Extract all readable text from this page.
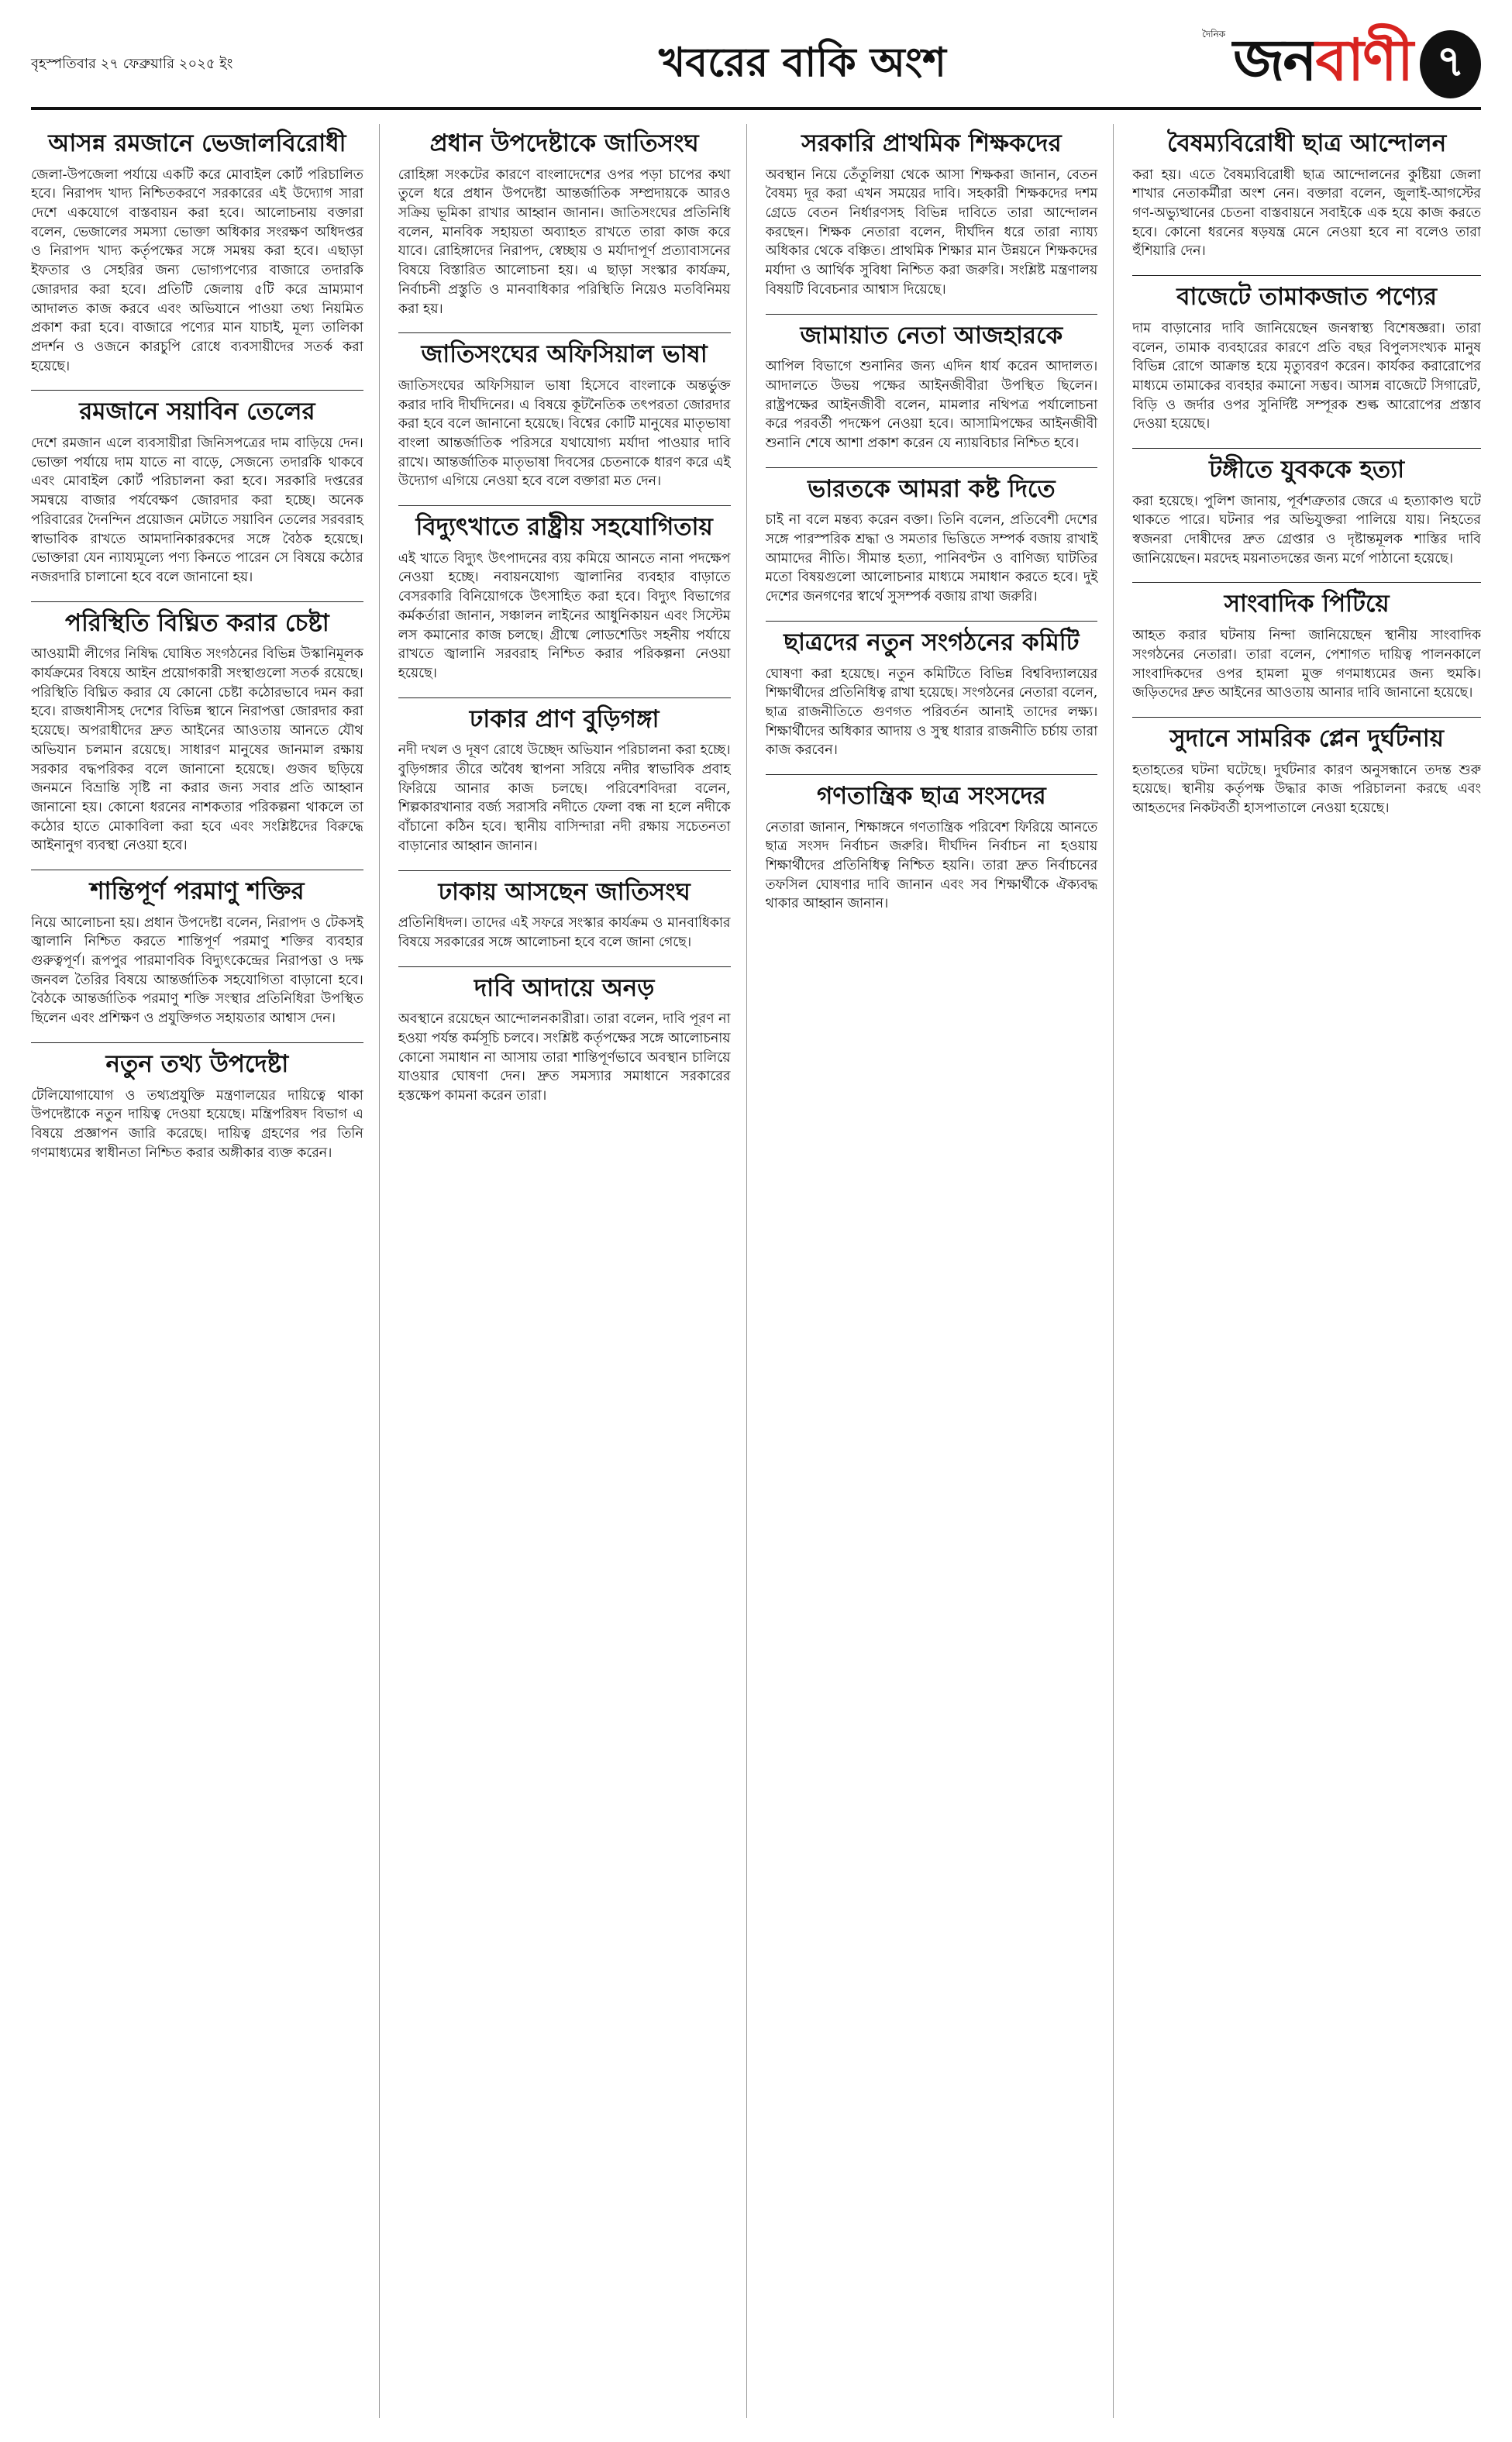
বৃহস্পতিবার ২৭ ফেব্রুয়ারি ২০২৫ ইং	খবরের বাকি অংশ
দৈনিক জনবাণী ৭
আসন্ন রমজানে ভেজালবিরোধী

জেলা-উপজেলা পর্যায়ে একটি করে মোবাইল কোর্ট পরিচালিত হবে। নিরাপদ খাদ্য নিশ্চিতকরণে সরকারের এই উদ্যোগ সারা দেশে একযোগে বাস্তবায়ন করা হবে। আলোচনায় বক্তারা বলেন, ভেজালের সমস্যা ভোক্তা অধিকার সংরক্ষণ অধিদপ্তর ও নিরাপদ খাদ্য কর্তৃপক্ষের সঙ্গে সমন্বয় করা হবে। এছাড়া ইফতার ও সেহরির জন্য ভোগ্যপণ্যের বাজারে তদারকি জোরদার করা হবে। প্রতিটি জেলায় ৫টি করে ভ্রাম্যমাণ আদালত কাজ করবে এবং অভিযানে পাওয়া তথ্য নিয়মিত প্রকাশ করা হবে। বাজারে পণ্যের মান যাচাই, মূল্য তালিকা প্রদর্শন ও ওজনে কারচুপি রোধে ব্যবসায়ীদের সতর্ক করা হয়েছে।

রমজানে সয়াবিন তেলের

দেশে রমজান এলে ব্যবসায়ীরা জিনিসপত্রের দাম বাড়িয়ে দেন। ভোক্তা পর্যায়ে দাম যাতে না বাড়ে, সেজন্যে তদারকি থাকবে এবং মোবাইল কোর্ট পরিচালনা করা হবে। সরকারি দপ্তরের সমন্বয়ে বাজার পর্যবেক্ষণ জোরদার করা হচ্ছে। অনেক পরিবারের দৈনন্দিন প্রয়োজন মেটাতে সয়াবিন তেলের সরবরাহ স্বাভাবিক রাখতে আমদানিকারকদের সঙ্গে বৈঠক হয়েছে। ভোক্তারা যেন ন্যায্যমূল্যে পণ্য কিনতে পারেন সে বিষয়ে কঠোর নজরদারি চালানো হবে বলে জানানো হয়।

পরিস্থিতি বিঘ্নিত করার চেষ্টা

আওয়ামী লীগের নিষিদ্ধ ঘোষিত সংগঠনের বিভিন্ন উস্কানিমূলক কার্যক্রমের বিষয়ে আইন প্রয়োগকারী সংস্থাগুলো সতর্ক রয়েছে। পরিস্থিতি বিঘ্নিত করার যে কোনো চেষ্টা কঠোরভাবে দমন করা হবে। রাজধানীসহ দেশের বিভিন্ন স্থানে নিরাপত্তা জোরদার করা হয়েছে। অপরাধীদের দ্রুত আইনের আওতায় আনতে যৌথ অভিযান চলমান রয়েছে। সাধারণ মানুষের জানমাল রক্ষায় সরকার বদ্ধপরিকর বলে জানানো হয়েছে। গুজব ছড়িয়ে জনমনে বিভ্রান্তি সৃষ্টি না করার জন্য সবার প্রতি আহ্বান জানানো হয়। কোনো ধরনের নাশকতার পরিকল্পনা থাকলে তা কঠোর হাতে মোকাবিলা করা হবে এবং সংশ্লিষ্টদের বিরুদ্ধে আইনানুগ ব্যবস্থা নেওয়া হবে।

শান্তিপূর্ণ পরমাণু শক্তির

নিয়ে আলোচনা হয়। প্রধান উপদেষ্টা বলেন, নিরাপদ ও টেকসই জ্বালানি নিশ্চিত করতে শান্তিপূর্ণ পরমাণু শক্তির ব্যবহার গুরুত্বপূর্ণ। রূপপুর পারমাণবিক বিদ্যুৎকেন্দ্রের নিরাপত্তা ও দক্ষ জনবল তৈরির বিষয়ে আন্তর্জাতিক সহযোগিতা বাড়ানো হবে। বৈঠকে আন্তর্জাতিক পরমাণু শক্তি সংস্থার প্রতিনিধিরা উপস্থিত ছিলেন এবং প্রশিক্ষণ ও প্রযুক্তিগত সহায়তার আশ্বাস দেন।

নতুন তথ্য উপদেষ্টা

টেলিযোগাযোগ ও তথ্যপ্রযুক্তি মন্ত্রণালয়ের দায়িত্বে থাকা উপদেষ্টাকে নতুন দায়িত্ব দেওয়া হয়েছে। মন্ত্রিপরিষদ বিভাগ এ বিষয়ে প্রজ্ঞাপন জারি করেছে। দায়িত্ব গ্রহণের পর তিনি গণমাধ্যমের স্বাধীনতা নিশ্চিত করার অঙ্গীকার ব্যক্ত করেন।

প্রধান উপদেষ্টাকে জাতিসংঘ

রোহিঙ্গা সংকটের কারণে বাংলাদেশের ওপর পড়া চাপের কথা তুলে ধরে প্রধান উপদেষ্টা আন্তর্জাতিক সম্প্রদায়কে আরও সক্রিয় ভূমিকা রাখার আহ্বান জানান। জাতিসংঘের প্রতিনিধি বলেন, মানবিক সহায়তা অব্যাহত রাখতে তারা কাজ করে যাবে। রোহিঙ্গাদের নিরাপদ, স্বেচ্ছায় ও মর্যাদাপূর্ণ প্রত্যাবাসনের বিষয়ে বিস্তারিত আলোচনা হয়। এ ছাড়া সংস্কার কার্যক্রম, নির্বাচনী প্রস্তুতি ও মানবাধিকার পরিস্থিতি নিয়েও মতবিনিময় করা হয়।

জাতিসংঘের অফিসিয়াল ভাষা

জাতিসংঘের অফিসিয়াল ভাষা হিসেবে বাংলাকে অন্তর্ভুক্ত করার দাবি দীর্ঘদিনের। এ বিষয়ে কূটনৈতিক তৎপরতা জোরদার করা হবে বলে জানানো হয়েছে। বিশ্বের কোটি মানুষের মাতৃভাষা বাংলা আন্তর্জাতিক পরিসরে যথাযোগ্য মর্যাদা পাওয়ার দাবি রাখে। আন্তর্জাতিক মাতৃভাষা দিবসের চেতনাকে ধারণ করে এই উদ্যোগ এগিয়ে নেওয়া হবে বলে বক্তারা মত দেন।

বিদ্যুৎখাতে রাষ্ট্রীয় সহযোগিতায়

এই খাতে বিদ্যুৎ উৎপাদনের ব্যয় কমিয়ে আনতে নানা পদক্ষেপ নেওয়া হচ্ছে। নবায়নযোগ্য জ্বালানির ব্যবহার বাড়াতে বেসরকারি বিনিয়োগকে উৎসাহিত করা হবে। বিদ্যুৎ বিভাগের কর্মকর্তারা জানান, সঞ্চালন লাইনের আধুনিকায়ন এবং সিস্টেম লস কমানোর কাজ চলছে। গ্রীষ্মে লোডশেডিং সহনীয় পর্যায়ে রাখতে জ্বালানি সরবরাহ নিশ্চিত করার পরিকল্পনা নেওয়া হয়েছে।

ঢাকার প্রাণ বুড়িগঙ্গা

নদী দখল ও দূষণ রোধে উচ্ছেদ অভিযান পরিচালনা করা হচ্ছে। বুড়িগঙ্গার তীরে অবৈধ স্থাপনা সরিয়ে নদীর স্বাভাবিক প্রবাহ ফিরিয়ে আনার কাজ চলছে। পরিবেশবিদরা বলেন, শিল্পকারখানার বর্জ্য সরাসরি নদীতে ফেলা বন্ধ না হলে নদীকে বাঁচানো কঠিন হবে। স্থানীয় বাসিন্দারা নদী রক্ষায় সচেতনতা বাড়ানোর আহ্বান জানান।

ঢাকায় আসছেন জাতিসংঘ

প্রতিনিধিদল। তাদের এই সফরে সংস্কার কার্যক্রম ও মানবাধিকার বিষয়ে সরকারের সঙ্গে আলোচনা হবে বলে জানা গেছে।

দাবি আদায়ে অনড়

অবস্থানে রয়েছেন আন্দোলনকারীরা। তারা বলেন, দাবি পূরণ না হওয়া পর্যন্ত কর্মসূচি চলবে। সংশ্লিষ্ট কর্তৃপক্ষের সঙ্গে আলোচনায় কোনো সমাধান না আসায় তারা শান্তিপূর্ণভাবে অবস্থান চালিয়ে যাওয়ার ঘোষণা দেন। দ্রুত সমস্যার সমাধানে সরকারের হস্তক্ষেপ কামনা করেন তারা।

সরকারি প্রাথমিক শিক্ষকদের

অবস্থান নিয়ে তেঁতুলিয়া থেকে আসা শিক্ষকরা জানান, বেতন বৈষম্য দূর করা এখন সময়ের দাবি। সহকারী শিক্ষকদের দশম গ্রেডে বেতন নির্ধারণসহ বিভিন্ন দাবিতে তারা আন্দোলন করছেন। শিক্ষক নেতারা বলেন, দীর্ঘদিন ধরে তারা ন্যায্য অধিকার থেকে বঞ্চিত। প্রাথমিক শিক্ষার মান উন্নয়নে শিক্ষকদের মর্যাদা ও আর্থিক সুবিধা নিশ্চিত করা জরুরি। সংশ্লিষ্ট মন্ত্রণালয় বিষয়টি বিবেচনার আশ্বাস দিয়েছে।

জামায়াত নেতা আজহারকে

আপিল বিভাগে শুনানির জন্য এদিন ধার্য করেন আদালত। আদালতে উভয় পক্ষের আইনজীবীরা উপস্থিত ছিলেন। রাষ্ট্রপক্ষের আইনজীবী বলেন, মামলার নথিপত্র পর্যালোচনা করে পরবর্তী পদক্ষেপ নেওয়া হবে। আসামিপক্ষের আইনজীবী শুনানি শেষে আশা প্রকাশ করেন যে ন্যায়বিচার নিশ্চিত হবে।

ভারতকে আমরা কষ্ট দিতে

চাই না বলে মন্তব্য করেন বক্তা। তিনি বলেন, প্রতিবেশী দেশের সঙ্গে পারস্পরিক শ্রদ্ধা ও সমতার ভিত্তিতে সম্পর্ক বজায় রাখাই আমাদের নীতি। সীমান্ত হত্যা, পানিবণ্টন ও বাণিজ্য ঘাটতির মতো বিষয়গুলো আলোচনার মাধ্যমে সমাধান করতে হবে। দুই দেশের জনগণের স্বার্থে সুসম্পর্ক বজায় রাখা জরুরি।

ছাত্রদের নতুন সংগঠনের কমিটি

ঘোষণা করা হয়েছে। নতুন কমিটিতে বিভিন্ন বিশ্ববিদ্যালয়ের শিক্ষার্থীদের প্রতিনিধিত্ব রাখা হয়েছে। সংগঠনের নেতারা বলেন, ছাত্র রাজনীতিতে গুণগত পরিবর্তন আনাই তাদের লক্ষ্য। শিক্ষার্থীদের অধিকার আদায় ও সুস্থ ধারার রাজনীতি চর্চায় তারা কাজ করবেন।

গণতান্ত্রিক ছাত্র সংসদের

নেতারা জানান, শিক্ষাঙ্গনে গণতান্ত্রিক পরিবেশ ফিরিয়ে আনতে ছাত্র সংসদ নির্বাচন জরুরি। দীর্ঘদিন নির্বাচন না হওয়ায় শিক্ষার্থীদের প্রতিনিধিত্ব নিশ্চিত হয়নি। তারা দ্রুত নির্বাচনের তফসিল ঘোষণার দাবি জানান এবং সব শিক্ষার্থীকে ঐক্যবদ্ধ থাকার আহ্বান জানান।

বৈষম্যবিরোধী ছাত্র আন্দোলন

করা হয়। এতে বৈষম্যবিরোধী ছাত্র আন্দোলনের কুষ্টিয়া জেলা শাখার নেতাকর্মীরা অংশ নেন। বক্তারা বলেন, জুলাই-আগস্টের গণ-অভ্যুত্থানের চেতনা বাস্তবায়নে সবাইকে এক হয়ে কাজ করতে হবে। কোনো ধরনের ষড়যন্ত্র মেনে নেওয়া হবে না বলেও তারা হুঁশিয়ারি দেন।

বাজেটে তামাকজাত পণ্যের

দাম বাড়ানোর দাবি জানিয়েছেন জনস্বাস্থ্য বিশেষজ্ঞরা। তারা বলেন, তামাক ব্যবহারের কারণে প্রতি বছর বিপুলসংখ্যক মানুষ বিভিন্ন রোগে আক্রান্ত হয়ে মৃত্যুবরণ করেন। কার্যকর করারোপের মাধ্যমে তামাকের ব্যবহার কমানো সম্ভব। আসন্ন বাজেটে সিগারেট, বিড়ি ও জর্দার ওপর সুনির্দিষ্ট সম্পূরক শুল্ক আরোপের প্রস্তাব দেওয়া হয়েছে।

টঙ্গীতে যুবককে হত্যা

করা হয়েছে। পুলিশ জানায়, পূর্বশত্রুতার জেরে এ হত্যাকাণ্ড ঘটে থাকতে পারে। ঘটনার পর অভিযুক্তরা পালিয়ে যায়। নিহতের স্বজনরা দোষীদের দ্রুত গ্রেপ্তার ও দৃষ্টান্তমূলক শাস্তির দাবি জানিয়েছেন। মরদেহ ময়নাতদন্তের জন্য মর্গে পাঠানো হয়েছে।

সাংবাদিক পিটিয়ে

আহত করার ঘটনায় নিন্দা জানিয়েছেন স্থানীয় সাংবাদিক সংগঠনের নেতারা। তারা বলেন, পেশাগত দায়িত্ব পালনকালে সাংবাদিকদের ওপর হামলা মুক্ত গণমাধ্যমের জন্য হুমকি। জড়িতদের দ্রুত আইনের আওতায় আনার দাবি জানানো হয়েছে।

সুদানে সামরিক প্লেন দুর্ঘটনায়

হতাহতের ঘটনা ঘটেছে। দুর্ঘটনার কারণ অনুসন্ধানে তদন্ত শুরু হয়েছে। স্থানীয় কর্তৃপক্ষ উদ্ধার কাজ পরিচালনা করছে এবং আহতদের নিকটবর্তী হাসপাতালে নেওয়া হয়েছে।
